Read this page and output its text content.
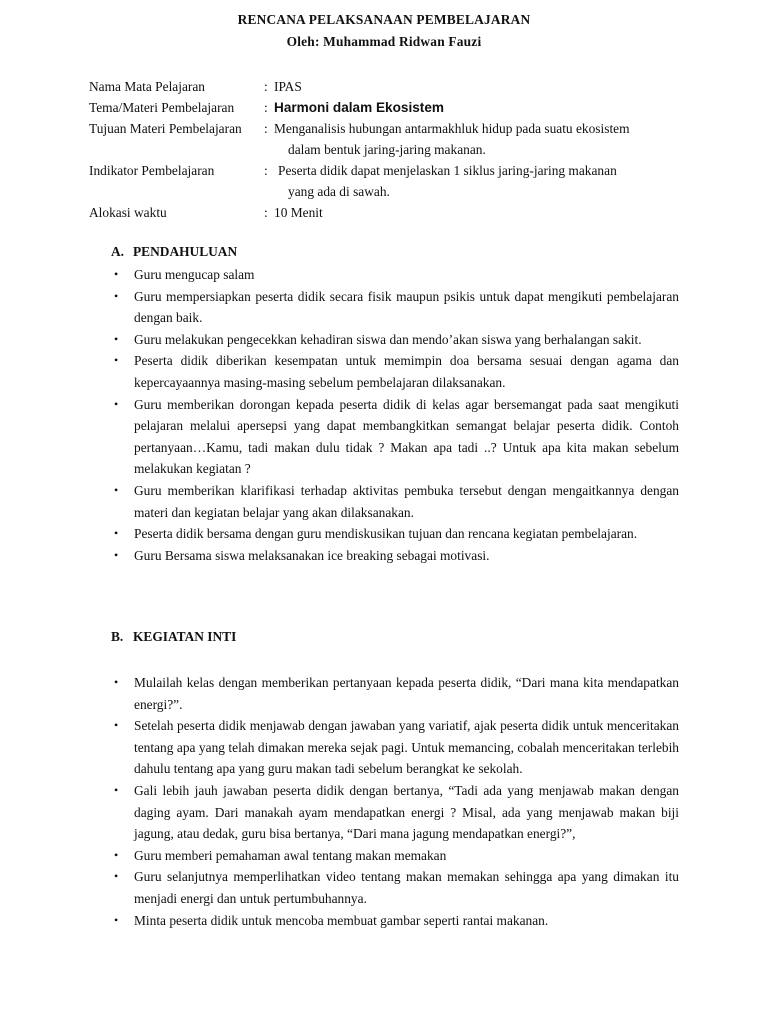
RENCANA PELAKSANAAN PEMBELAJARAN
Oleh: Muhammad Ridwan Fauzi
Nama Mata Pelajaran	: IPAS
Tema/Materi Pembelajaran	: Harmoni dalam Ekosistem
Tujuan Materi Pembelajaran	: Menganalisis hubungan antarmakhluk hidup pada suatu ekosistem
dalam bentuk jaring-jaring makanan.
Indikator Pembelajaran	: Peserta didik dapat menjelaskan 1 siklus jaring-jaring makanan
yang ada di sawah.
Alokasi waktu	: 10 Menit
A. PENDAHULUAN
• Guru mengucap salam
• Guru mempersiapkan peserta didik secara fisik maupun psikis untuk dapat mengikuti pembelajaran dengan baik.
• Guru melakukan pengecekkan kehadiran siswa dan mendo’akan siswa yang berhalangan sakit.
• Peserta didik diberikan kesempatan untuk memimpin doa bersama sesuai dengan agama dan kepercayaannya masing-masing sebelum pembelajaran dilaksanakan.
• Guru memberikan dorongan kepada peserta didik di kelas agar bersemangat pada saat mengikuti pelajaran melalui apersepsi yang dapat membangkitkan semangat belajar peserta didik. Contoh pertanyaan…Kamu, tadi makan dulu tidak ? Makan apa tadi ..? Untuk apa kita makan sebelum melakukan kegiatan ?
• Guru memberikan klarifikasi terhadap aktivitas pembuka tersebut dengan mengaitkannya dengan materi dan kegiatan belajar yang akan dilaksanakan.
• Peserta didik bersama dengan guru mendiskusikan tujuan dan rencana kegiatan pembelajaran.
• Guru Bersama siswa melaksanakan ice breaking sebagai motivasi.
B. KEGIATAN INTI
• Mulailah kelas dengan memberikan pertanyaan kepada peserta didik, “Dari mana kita mendapatkan energi?”.
• Setelah peserta didik menjawab dengan jawaban yang variatif, ajak peserta didik untuk menceritakan tentang apa yang telah dimakan mereka sejak pagi. Untuk memancing, cobalah menceritakan terlebih dahulu tentang apa yang guru makan tadi sebelum berangkat ke sekolah.
• Gali lebih jauh jawaban peserta didik dengan bertanya, “Tadi ada yang menjawab makan dengan daging ayam. Dari manakah ayam mendapatkan energi ? Misal, ada yang menjawab makan biji jagung, atau dedak, guru bisa bertanya, “Dari mana jagung mendapatkan energi?”,
• Guru memberi pemahaman awal tentang makan memakan
• Guru selanjutnya memperlihatkan video tentang makan memakan sehingga apa yang dimakan itu menjadi energi dan untuk pertumbuhannya.
• Minta peserta didik untuk mencoba membuat gambar seperti rantai makanan.
